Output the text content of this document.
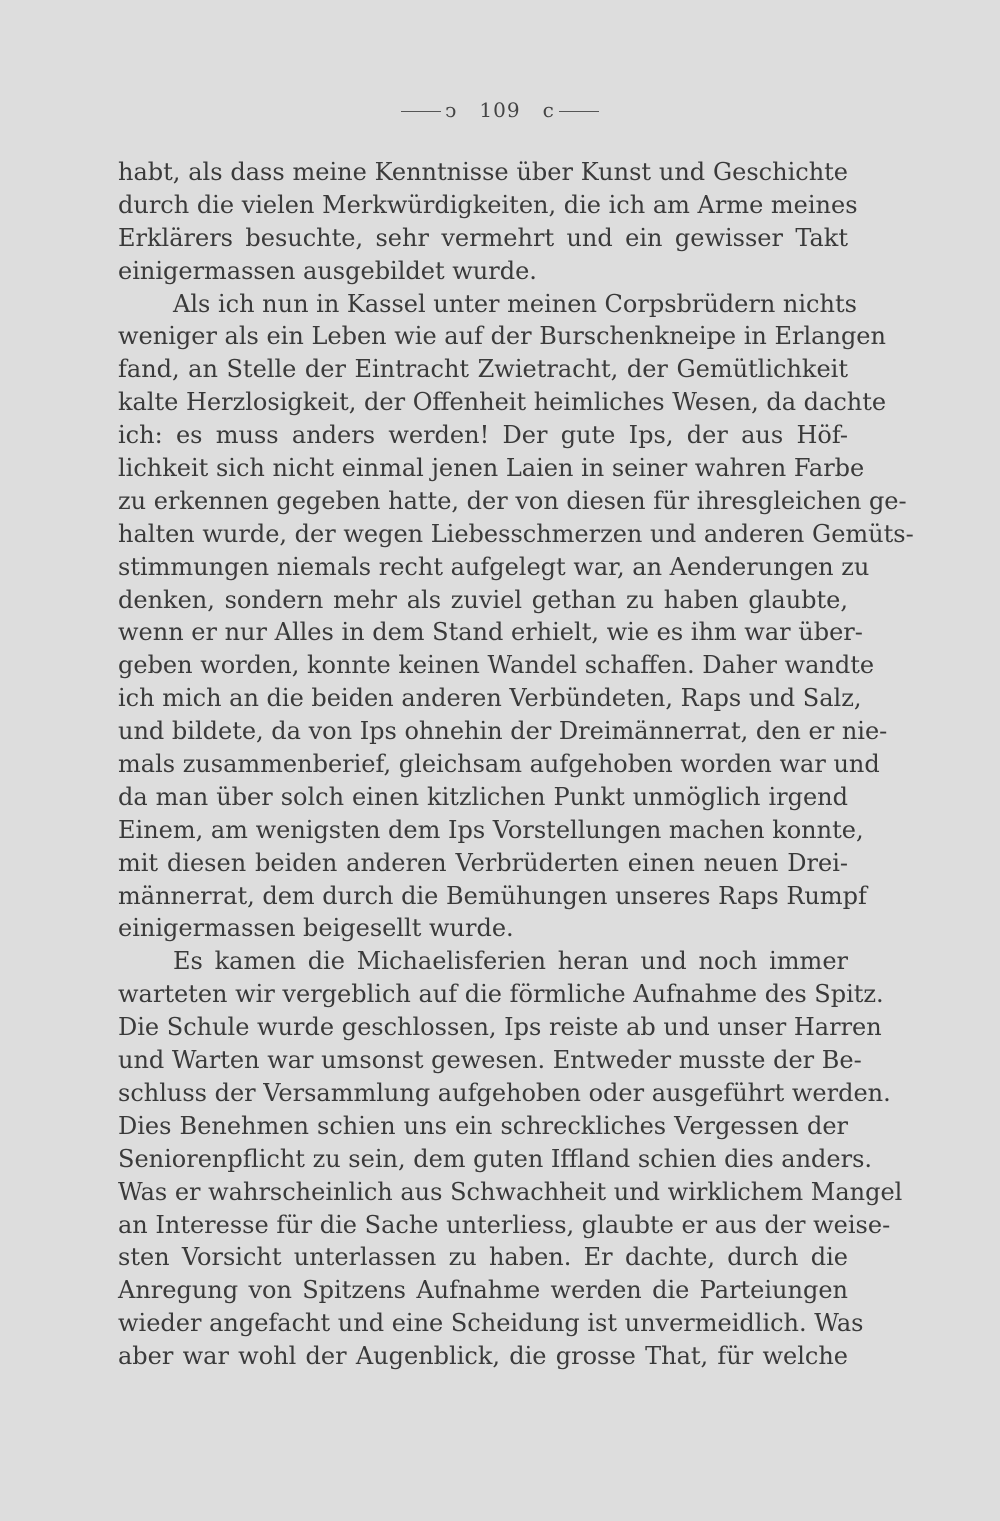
ↄ 109 c
habt, als dass meine Kenntnisse über Kunst und Geschichte
durch die vielen Merkwürdigkeiten, die ich am Arme meines
Erklärers besuchte, sehr vermehrt und ein gewisser Takt
einigermassen ausgebildet wurde.
Als ich nun in Kassel unter meinen Corpsbrüdern nichts
weniger als ein Leben wie auf der Burschenkneipe in Erlangen
fand, an Stelle der Eintracht Zwietracht, der Gemütlichkeit
kalte Herzlosigkeit, der Offenheit heimliches Wesen, da dachte
ich: es muss anders werden! Der gute Ips, der aus Höf-
lichkeit sich nicht einmal jenen Laien in seiner wahren Farbe
zu erkennen gegeben hatte, der von diesen für ihresgleichen ge-
halten wurde, der wegen Liebesschmerzen und anderen Gemüts-
stimmungen niemals recht aufgelegt war, an Aenderungen zu
denken, sondern mehr als zuviel gethan zu haben glaubte,
wenn er nur Alles in dem Stand erhielt, wie es ihm war über-
geben worden, konnte keinen Wandel schaffen. Daher wandte
ich mich an die beiden anderen Verbündeten, Raps und Salz,
und bildete, da von Ips ohnehin der Dreimännerrat, den er nie-
mals zusammenberief, gleichsam aufgehoben worden war und
da man über solch einen kitzlichen Punkt unmöglich irgend
Einem, am wenigsten dem Ips Vorstellungen machen konnte,
mit diesen beiden anderen Verbrüderten einen neuen Drei-
männerrat, dem durch die Bemühungen unseres Raps Rumpf
einigermassen beigesellt wurde.
Es kamen die Michaelisferien heran und noch immer
warteten wir vergeblich auf die förmliche Aufnahme des Spitz.
Die Schule wurde geschlossen, Ips reiste ab und unser Harren
und Warten war umsonst gewesen. Entweder musste der Be-
schluss der Versammlung aufgehoben oder ausgeführt werden.
Dies Benehmen schien uns ein schreckliches Vergessen der
Seniorenpflicht zu sein, dem guten Iffland schien dies anders.
Was er wahrscheinlich aus Schwachheit und wirklichem Mangel
an Interesse für die Sache unterliess, glaubte er aus der weise-
sten Vorsicht unterlassen zu haben. Er dachte, durch die
Anregung von Spitzens Aufnahme werden die Parteiungen
wieder angefacht und eine Scheidung ist unvermeidlich. Was
aber war wohl der Augenblick, die grosse That, für welche
